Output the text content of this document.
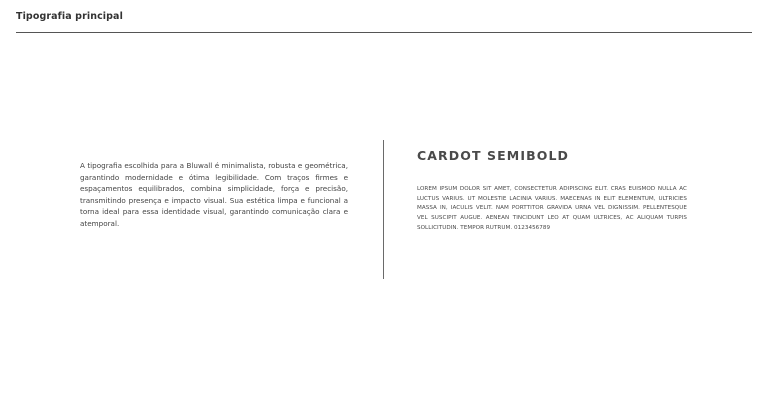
Tipografia principal

A tipografia escolhida para a Bluwall é minimalista, robusta e geométrica, garantindo modernidade e ótima legibilidade. Com traços firmes e espaçamentos equilibrados, combina simplicidade, força e precisão, transmitindo presença e impacto visual. Sua estética limpa e funcional a torna ideal para essa identidade visual, garantindo comunicação clara e atemporal.

CARDOT SEMIBOLD

LOREM IPSUM DOLOR SIT AMET, CONSECTETUR ADIPISCING ELIT. CRAS EUISMOD NULLA AC LUCTUS VARIUS. UT MOLESTIE LACINIA VARIUS. MAECENAS IN ELIT ELEMENTUM, ULTRICIES MASSA IN, IACULIS VELIT. NAM PORTTITOR GRAVIDA URNA VEL DIGNISSIM. PELLENTESQUE VEL SUSCIPIT AUGUE. AENEAN TINCIDUNT LEO AT QUAM ULTRICES, AC ALIQUAM TURPIS SOLLICITUDIN. TEMPOR RUTRUM. 0123456789
